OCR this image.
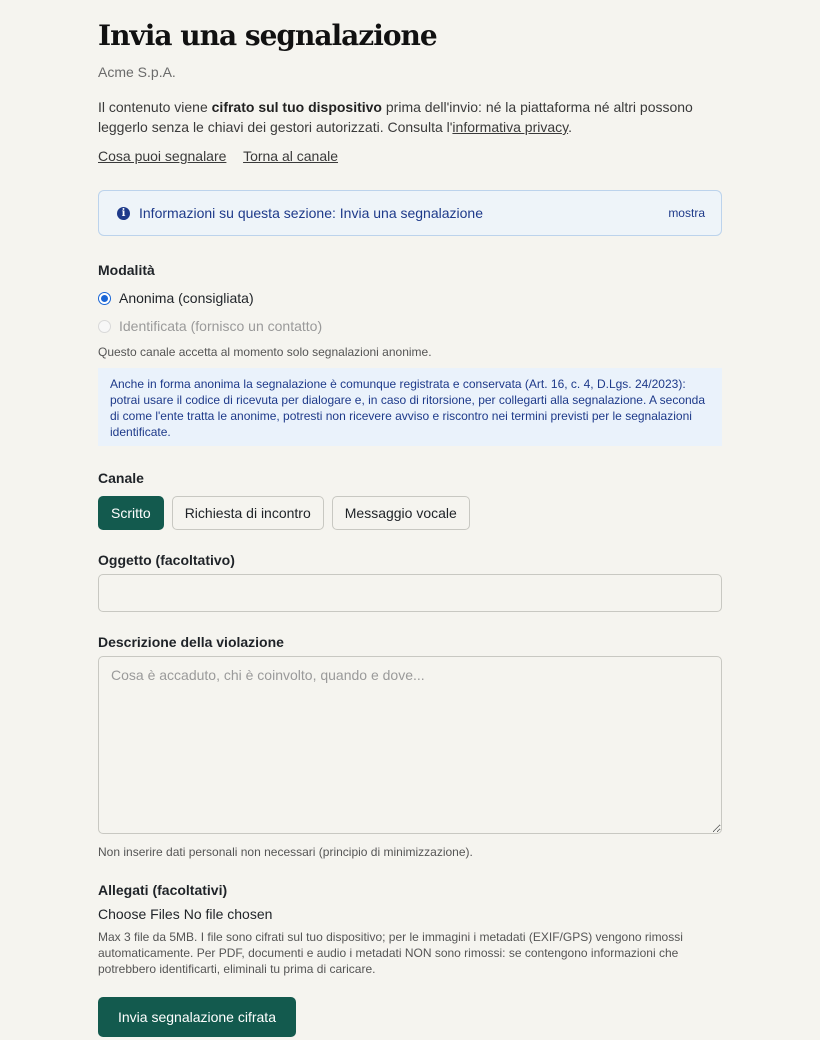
Invia una segnalazione
Acme S.p.A.
Il contenuto viene cifrato sul tuo dispositivo prima dell'invio: né la piattaforma né altri possono leggerlo senza le chiavi dei gestori autorizzati. Consulta l'informativa privacy.
Cosa puoi segnalare Torna al canale
i Informazioni su questa sezione: Invia una segnalazione	mostra
Modalità
Anonima (consigliata)
Identificata (fornisco un contatto)
Questo canale accetta al momento solo segnalazioni anonime.
Anche in forma anonima la segnalazione è comunque registrata e conservata (Art. 16, c. 4, D.Lgs. 24/2023): potrai usare il codice di ricevuta per dialogare e, in caso di ritorsione, per collegarti alla segnalazione. A seconda di come l'ente tratta le anonime, potresti non ricevere avviso e riscontro nei termini previsti per le segnalazioni identificate.
Canale
Scritto	Richiesta di incontro	Messaggio vocale
Oggetto (facoltativo)
Descrizione della violazione
Cosa è accaduto, chi è coinvolto, quando e dove...
Non inserire dati personali non necessari (principio di minimizzazione).
Allegati (facoltativi)
Choose Files No file chosen
Max 3 file da 5MB. I file sono cifrati sul tuo dispositivo; per le immagini i metadati (EXIF/GPS) vengono rimossi automaticamente. Per PDF, documenti e audio i metadati NON sono rimossi: se contengono informazioni che potrebbero identificarti, eliminali tu prima di caricare.
Invia segnalazione cifrata
